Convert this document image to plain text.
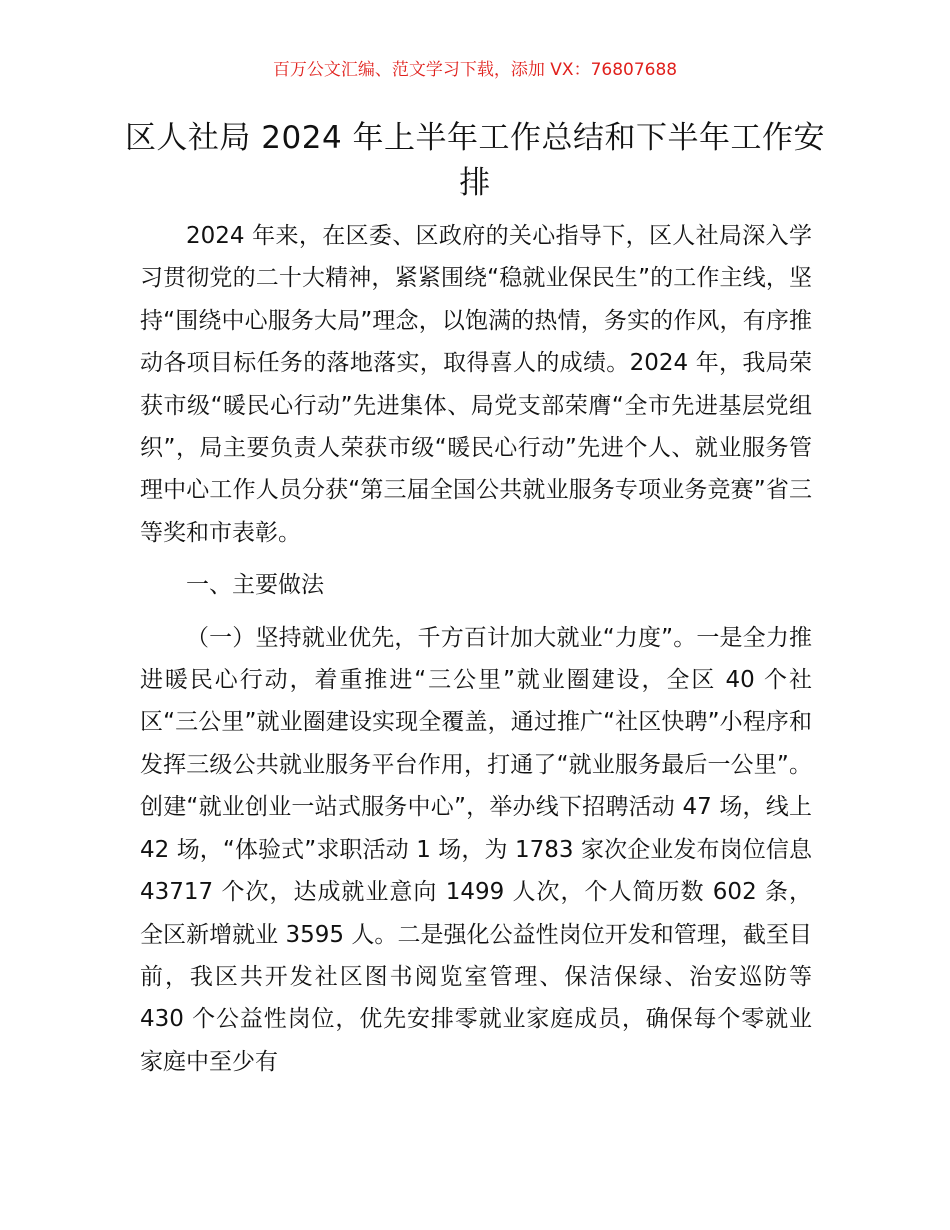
百万公文汇编、范文学习下载，添加 VX：76807688
区人社局 2024 年上半年工作总结和下半年工作安排

2024 年来，在区委、区政府的关心指导下，区人社局深入学习贯彻党的二十大精神，紧紧围绕“稳就业保民生”的工作主线，坚持“围绕中心服务大局”理念，以饱满的热情，务实的作风，有序推动各项目标任务的落地落实，取得喜人的成绩。2024 年，我局荣获市级“暖民心行动”先进集体、局党支部荣膺“全市先进基层党组织”，局主要负责人荣获市级“暖民心行动”先进个人、就业服务管理中心工作人员分获“第三届全国公共就业服务专项业务竞赛”省三等奖和市表彰。

一、主要做法

（一）坚持就业优先，千方百计加大就业“力度”。一是全力推进暖民心行动，着重推进“三公里”就业圈建设，全区 40 个社区“三公里”就业圈建设实现全覆盖，通过推广“社区快聘”小程序和发挥三级公共就业服务平台作用，打通了“就业服务最后一公里”。创建“就业创业一站式服务中心”，举办线下招聘活动 47 场，线上 42 场，“体验式”求职活动 1 场，为 1783 家次企业发布岗位信息 43717 个次，达成就业意向 1499 人次，个人简历数 602 条，全区新增就业 3595 人。二是强化公益性岗位开发和管理，截至目前，我区共开发社区图书阅览室管理、保洁保绿、治安巡防等 430 个公益性岗位，优先安排零就业家庭成员，确保每个零就业家庭中至少有
